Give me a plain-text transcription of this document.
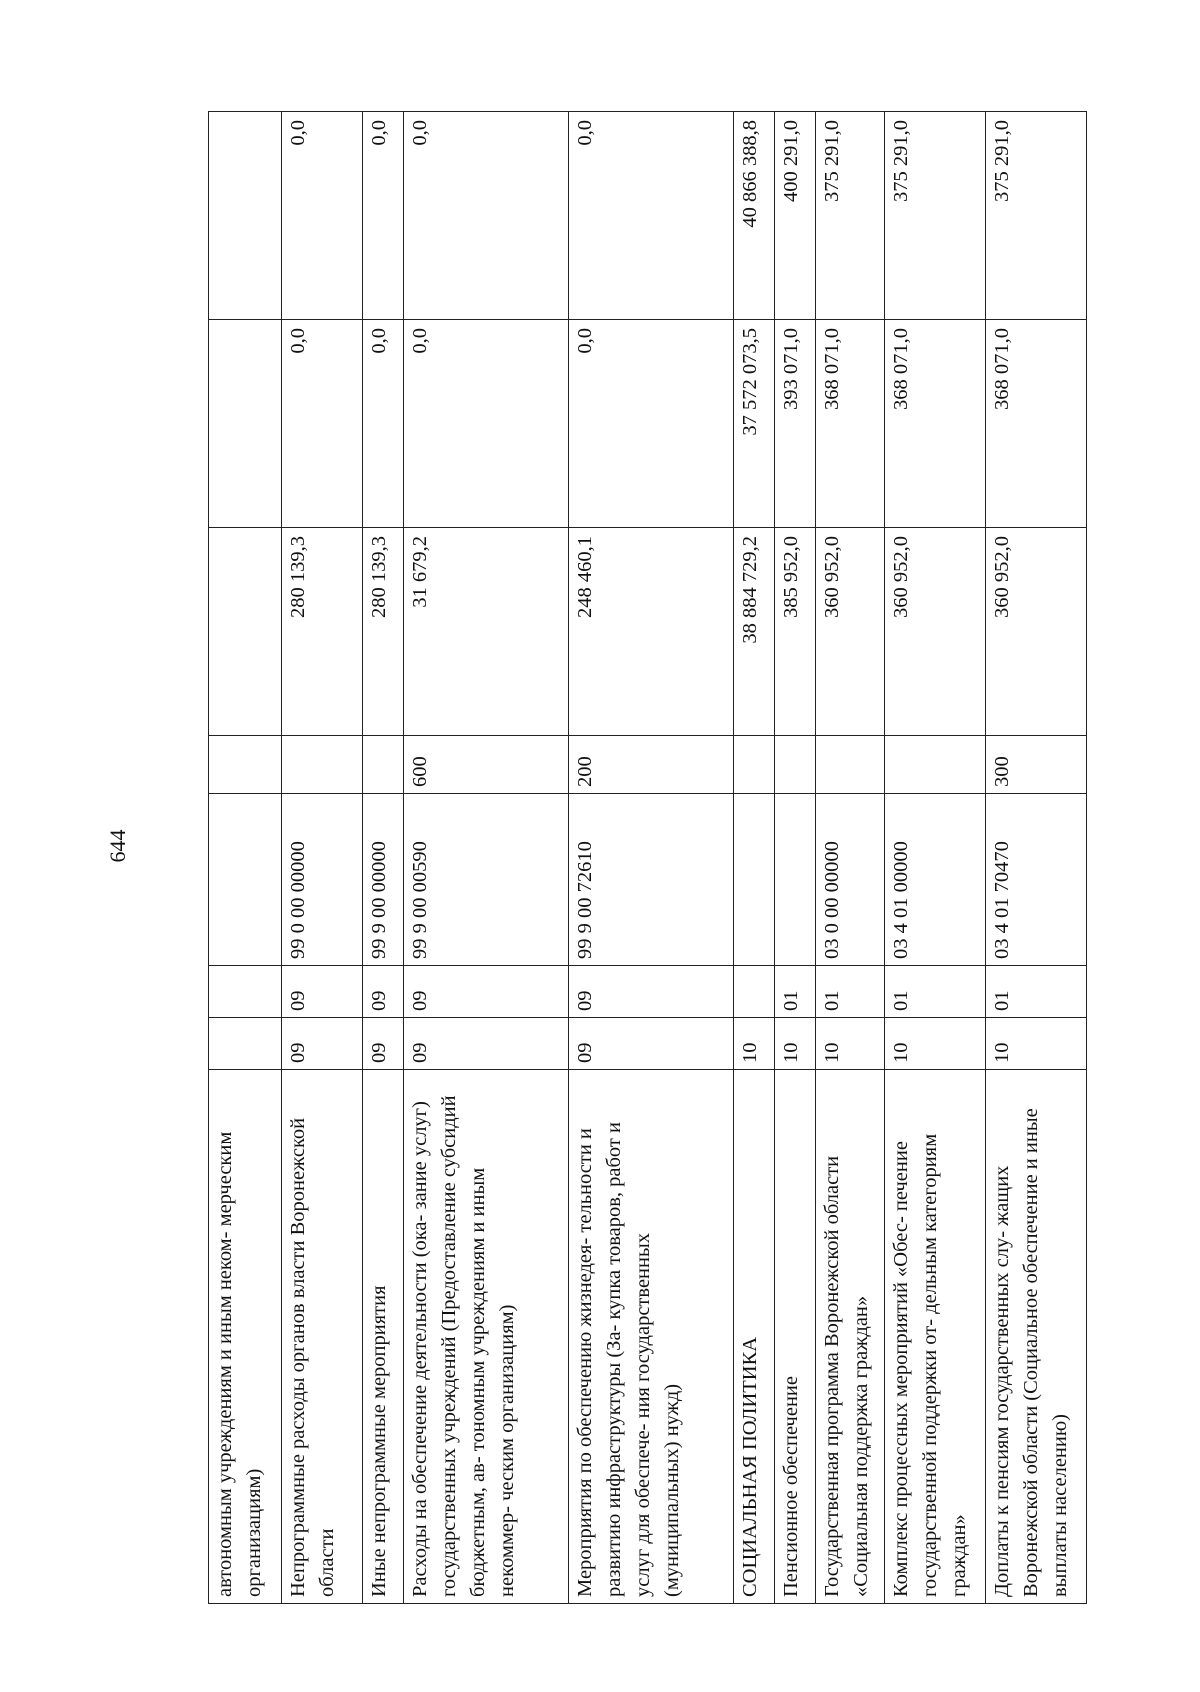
644
автономным учреждениям и иным неком- мерческим организациям)							
Непрограммные расходы органов власти Воронежской области	09	09	99 0 00 00000		280 139,3	0,0	0,0
Иные непрограммные мероприятия	09	09	99 9 00 00000		280 139,3	0,0	0,0
Расходы на обеспечение деятельности (ока- зание услуг) государственных учреждений (Предоставление субсидий бюджетным, ав- тономным учреждениям и иным некоммер- ческим организациям)	09	09	99 9 00 00590	600	31 679,2	0,0	0,0
Мероприятия по обеспечению жизнедея- тельности и развитию инфраструктуры (За- купка товаров, работ и услуг для обеспече- ния государственных (муниципальных) нужд)	09	09	99 9 00 72610	200	248 460,1	0,0	0,0
СОЦИАЛЬНАЯ ПОЛИТИКА	10				38 884 729,2	37 572 073,5	40 866 388,8
Пенсионное обеспечение	10	01			385 952,0	393 071,0	400 291,0
Государственная программа Воронежской области «Социальная поддержка граждан»	10	01	03 0 00 00000		360 952,0	368 071,0	375 291,0
Комплекс процессных мероприятий «Обес- печение государственной поддержки от- дельным категориям граждан»	10	01	03 4 01 00000		360 952,0	368 071,0	375 291,0
Доплаты к пенсиям государственных слу- жащих Воронежской области (Социальное обеспечение и иные выплаты населению)	10	01	03 4 01 70470	300	360 952,0	368 071,0	375 291,0
